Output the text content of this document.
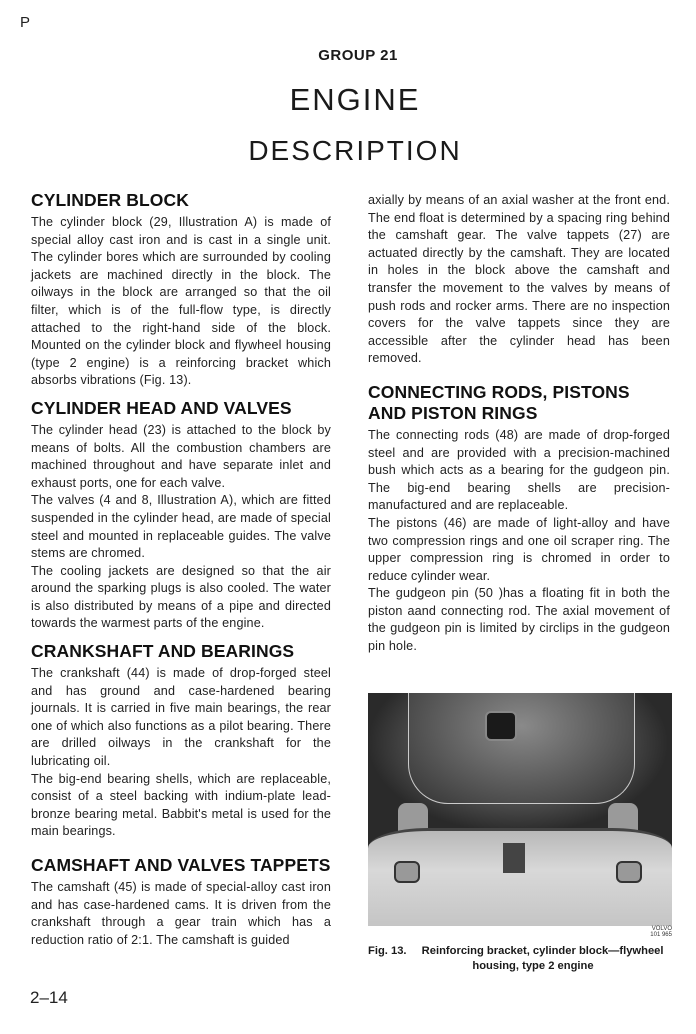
P
GROUP 21
ENGINE
DESCRIPTION
CYLINDER BLOCK

The cylinder block (29, Illustration A) is made of special alloy cast iron and is cast in a single unit. The cylinder bores which are surrounded by cooling jackets are machined directly in the block. The oilways in the block are arranged so that the oil filter, which is of the full-flow type, is directly attached to the right-hand side of the block. Mounted on the cylinder block and flywheel housing (type 2 engine) is a reinforcing bracket which absorbs vibrations (Fig. 13).

CYLINDER HEAD AND VALVES

The cylinder head (23) is attached to the block by means of bolts. All the combustion chambers are machined throughout and have separate inlet and exhaust ports, one for each valve.

The valves (4 and 8, Illustration A), which are fitted suspended in the cylinder head, are made of special steel and mounted in replaceable guides. The valve stems are chromed.

The cooling jackets are designed so that the air around the sparking plugs is also cooled. The water is also distributed by means of a pipe and directed towards the warmest parts of the engine.

CRANKSHAFT AND BEARINGS

The crankshaft (44) is made of drop-forged steel and has ground and case-hardened bearing journals. It is carried in five main bearings, the rear one of which also functions as a pilot bearing. There are drilled oilways in the crankshaft for the lubricating oil.

The big-end bearing shells, which are replaceable, consist of a steel backing with indium-plate lead-bronze bearing metal. Babbit's metal is used for the main bearings.

CAMSHAFT AND VALVES TAPPETS

The camshaft (45) is made of special-alloy cast iron and has case-hardened cams. It is driven from the crankshaft through a gear train which has a reduction ratio of 2:1. The camshaft is guided

axially by means of an axial washer at the front end. The end float is determined by a spacing ring behind the camshaft gear. The valve tappets (27) are actuated directly by the camshaft. They are located in holes in the block above the camshaft and transfer the movement to the valves by means of push rods and rocker arms. There are no inspection covers for the valve tappets since they are accessible after the cylinder head has been removed.

CONNECTING RODS, PISTONS
AND PISTON RINGS

The connecting rods (48) are made of drop-forged steel and are provided with a precision-machined bush which acts as a bearing for the gudgeon pin. The big-end bearing shells are precision-manufactured and are replaceable.

The pistons (46) are made of light-alloy and have two compression rings and one oil scraper ring. The upper compression ring is chromed in order to reduce cylinder wear.

The gudgeon pin (50 )has a floating fit in both the piston aand connecting rod. The axial movement of the gudgeon pin is limited by circlips in the gudgeon pin hole.

VOLVO
101 965
Fig. 13. Reinforcing bracket, cylinder block—flywheel
housing, type 2 engine
2–14
